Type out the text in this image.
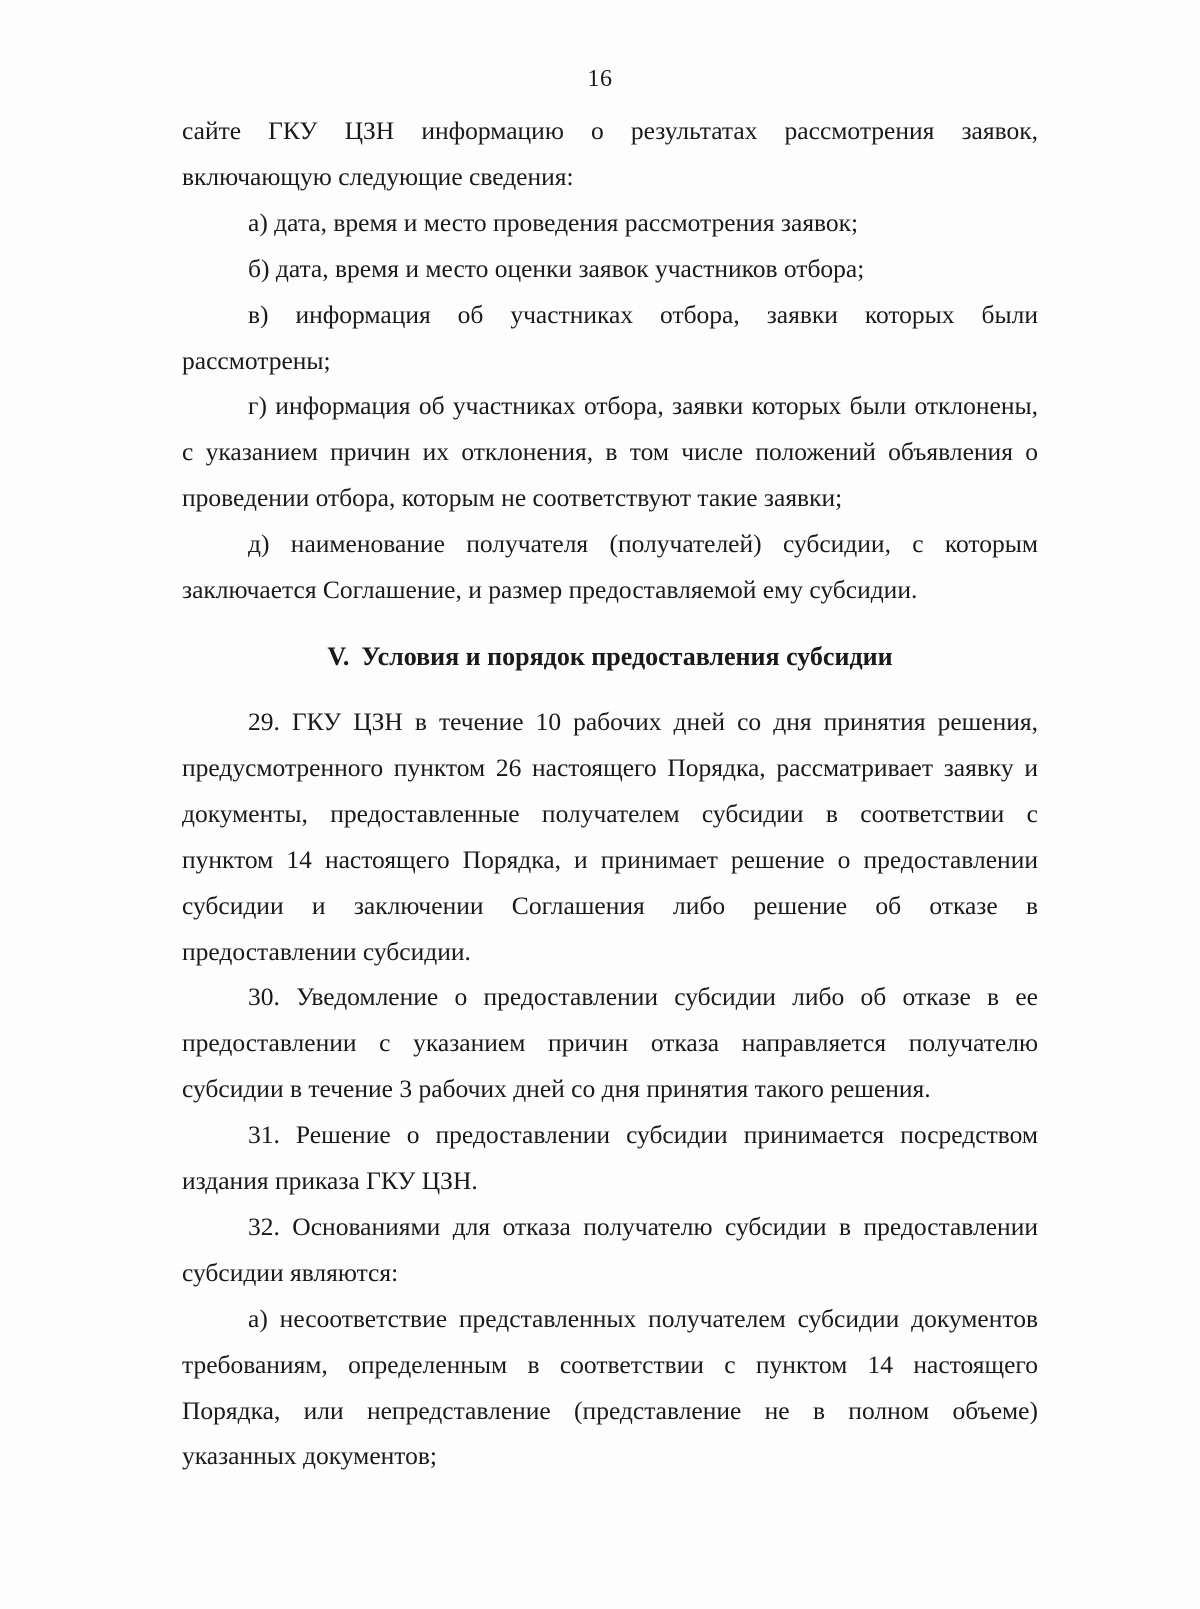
16

сайте ГКУ ЦЗН информацию о результатах рассмотрения заявок, включающую следующие сведения:

а) дата, время и место проведения рассмотрения заявок;

б) дата, время и место оценки заявок участников отбора;

в) информация об участниках отбора, заявки которых были рассмотрены;

г) информация об участниках отбора, заявки которых были отклонены, с указанием причин их отклонения, в том числе положений объявления о проведении отбора, которым не соответствуют такие заявки;

д) наименование получателя (получателей) субсидии, с которым заключается Соглашение, и размер предоставляемой ему субсидии.

V. Условия и порядок предоставления субсидии

29. ГКУ ЦЗН в течение 10 рабочих дней со дня принятия решения, предусмотренного пунктом 26 настоящего Порядка, рассматривает заявку и документы, предоставленные получателем субсидии в соответствии с пунктом 14 настоящего Порядка, и принимает решение о предоставлении субсидии и заключении Соглашения либо решение об отказе в предоставлении субсидии.

30. Уведомление о предоставлении субсидии либо об отказе в ее предоставлении с указанием причин отказа направляется получателю субсидии в течение 3 рабочих дней со дня принятия такого решения.

31. Решение о предоставлении субсидии принимается посредством издания приказа ГКУ ЦЗН.

32. Основаниями для отказа получателю субсидии в предоставлении субсидии являются:

а) несоответствие представленных получателем субсидии документов требованиям, определенным в соответствии с пунктом 14 настоящего Порядка, или непредставление (представление не в полном объеме) указанных документов;
